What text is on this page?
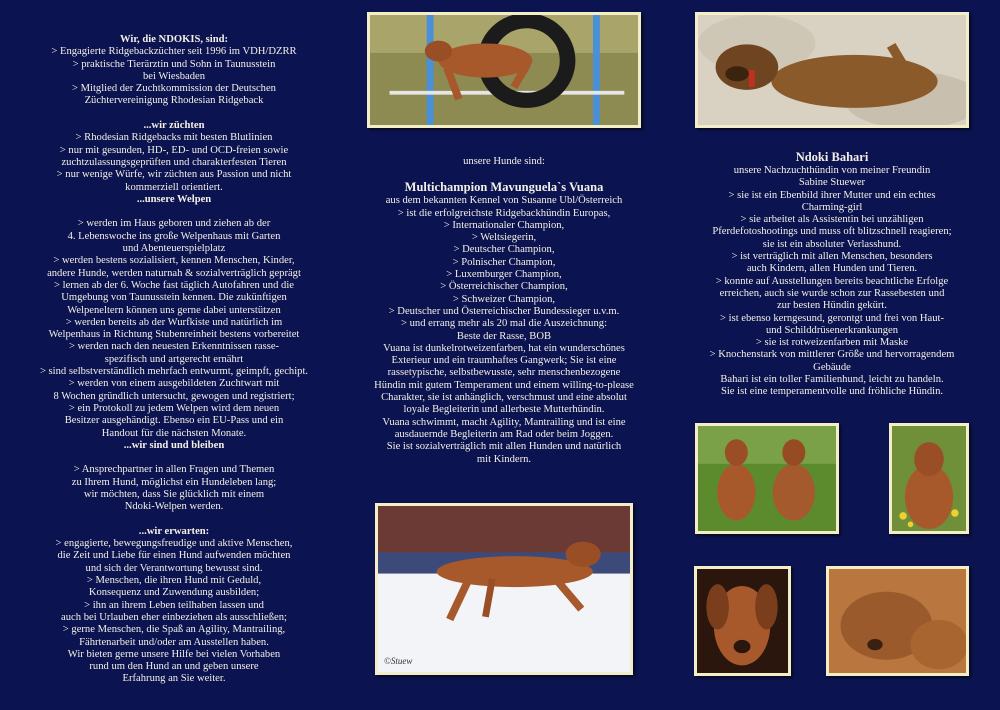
©Stuew
Wir, die NDOKIS, sind:
> Engagierte Ridgebackzüchter seit 1996 im VDH/DZRR
> praktische Tierärztin und Sohn in Taunusstein
bei Wiesbaden
> Mitglied der Zuchtkommission der Deutschen
Züchtervereinigung Rhodesian Ridgeback
...wir züchten
> Rhodesian Ridgebacks mit besten Blutlinien
> nur mit gesunden, HD-, ED- und OCD-freien sowie
zuchtzulassungsgeprüften und charakterfesten Tieren
> nur wenige Würfe, wir züchten aus Passion und nicht
kommerziell orientiert.
...unsere Welpen
> werden im Haus geboren und ziehen ab der
4. Lebenswoche ins große Welpenhaus mit Garten
und Abenteuerspielplatz
> werden bestens sozialisiert, kennen Menschen, Kinder,
andere Hunde, werden naturnah & sozialverträglich geprägt
> lernen ab der 6. Woche fast täglich Autofahren und die
Umgebung von Taunusstein kennen. Die zukünftigen
Welpeneltern können uns gerne dabei unterstützen
> werden bereits ab der Wurfkiste und natürlich im
Welpenhaus in Richtung Stubenreinheit bestens vorbereitet
> werden nach den neuesten Erkenntnissen rasse-
spezifisch und artgerecht ernährt
> sind selbstverständlich mehrfach entwurmt, geimpft, gechipt.
> werden von einem ausgebildeten Zuchtwart mit
8 Wochen gründlich untersucht, gewogen und registriert;
> ein Protokoll zu jedem Welpen wird dem neuen
Besitzer ausgehändigt. Ebenso ein EU-Pass und ein
Handout für die nächsten Monate.
...wir sind und bleiben
> Ansprechpartner in allen Fragen und Themen
zu Ihrem Hund, möglichst ein Hundeleben lang;
wir möchten, dass Sie glücklich mit einem
Ndoki-Welpen werden.
...wir erwarten:
> engagierte, bewegungsfreudige und aktive Menschen,
die Zeit und Liebe für einen Hund aufwenden möchten
und sich der Verantwortung bewusst sind.
> Menschen, die ihren Hund mit Geduld,
Konsequenz und Zuwendung ausbilden;
> ihn an ihrem Leben teilhaben lassen und
auch bei Urlauben eher einbeziehen als ausschließen;
> gerne Menschen, die Spaß an Agility, Mantrailing,
Fährtenarbeit und/oder am Ausstellen haben.
Wir bieten gerne unsere Hilfe bei vielen Vorhaben
rund um den Hund an und geben unsere
Erfahrung an Sie weiter.
unsere Hunde sind:
Multichampion Mavunguela`s Vuana
aus dem bekannten Kennel von Susanne Ubl/Österreich
> ist die erfolgreichste Ridgebackhündin Europas,
> Internationaler Champion,
> Weltsiegerin,
> Deutscher Champion,
> Polnischer Champion,
> Luxemburger Champion,
> Österreichischer Champion,
> Schweizer Champion,
> Deutscher und Österreichischer Bundessieger u.v.m.
> und errang mehr als 20 mal die Auszeichnung:
Beste der Rasse, BOB
Vuana ist dunkelrotweizenfarben, hat ein wunderschönes
Exterieur und ein traumhaftes Gangwerk; Sie ist eine
rassetypische, selbstbewusste, sehr menschenbezogene
Hündin mit gutem Temperament und einem willing-to-please
Charakter, sie ist anhänglich, verschmust und eine absolut
loyale Begleiterin und allerbeste Mutterhündin.
Vuana schwimmt, macht Agility, Mantrailing und ist eine
ausdauernde Begleiterin am Rad oder beim Joggen.
Sie ist sozialverträglich mit allen Hunden und natürlich
mit Kindern.
Ndoki Bahari
unsere Nachzuchthündin von meiner Freundin
Sabine Stuewer
> sie ist ein Ebenbild ihrer Mutter und ein echtes
Charming-girl
> sie arbeitet als Assistentin bei unzähligen
Pferdefotoshootings und muss oft blitzschnell reagieren;
sie ist ein absoluter Verlasshund.
> ist verträglich mit allen Menschen, besonders
auch Kindern, allen Hunden und Tieren.
> konnte auf Ausstellungen bereits beachtliche Erfolge
erreichen, auch sie wurde schon zur Rassebesten und
zur besten Hündin gekürt.
> ist ebenso kerngesund, gerontgt und frei von Haut-
und Schilddrüsenerkrankungen
> sie ist rotweizenfarben mit Maske
> Knochenstark von mittlerer Größe und hervorragendem
Gebäude
Bahari ist ein toller Familienhund, leicht zu handeln.
Sie ist eine temperamentvolle und fröhliche Hündin.
